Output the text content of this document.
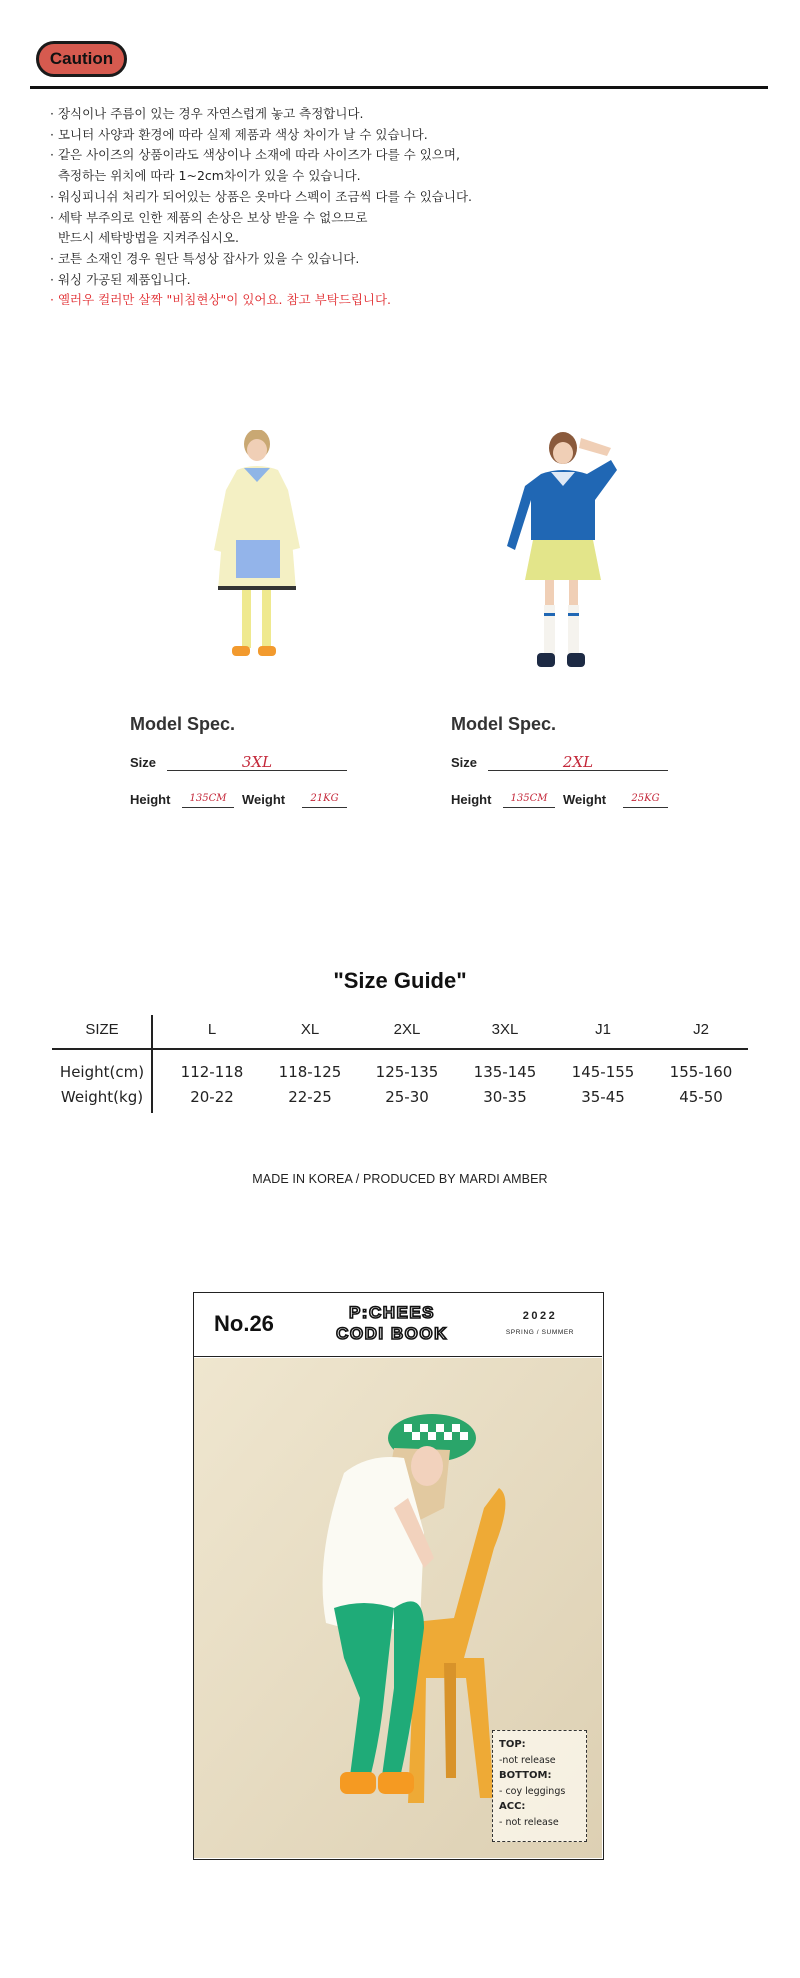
Caution
· 장식이나 주름이 있는 경우 자연스럽게 놓고 측정합니다.
· 모니터 사양과 환경에 따라 실제 제품과 색상 차이가 날 수 있습니다.
· 같은 사이즈의 상품이라도 색상이나 소재에 따라 사이즈가 다를 수 있으며,
측정하는 위치에 따라 1~2cm차이가 있을 수 있습니다.
· 워싱피니쉬 처리가 되어있는 상품은 옷마다 스펙이 조금씩 다를 수 있습니다.
· 세탁 부주의로 인한 제품의 손상은 보상 받을 수 없으므로
반드시 세탁방법을 지켜주십시오.
· 코튼 소재인 경우 원단 특성상 잡사가 있을 수 있습니다.
· 워싱 가공된 제품입니다.
· 옐러우 컬러만 살짝 "비침현상"이 있어요. 참고 부탁드립니다.
Model Spec.
Size	3XL
Height	135CM	Weight	21KG
Model Spec.
Size	2XL
Height	135CM	Weight	25KG
"Size Guide"
SIZE	L	XL	2XL	3XL	J1	J2
Height(cm)	112-118	118-125	125-135	135-145	145-155	155-160
Weight(kg)	20-22	22-25	25-30	30-35	35-45	45-50
MADE IN KOREA / PRODUCED BY MARDI AMBER
No.26	P:CHEES
CODI BOOK
2022
SPRING / SUMMER
TOP:
-not release
BOTTOM:
- coy leggings
ACC:
- not release
